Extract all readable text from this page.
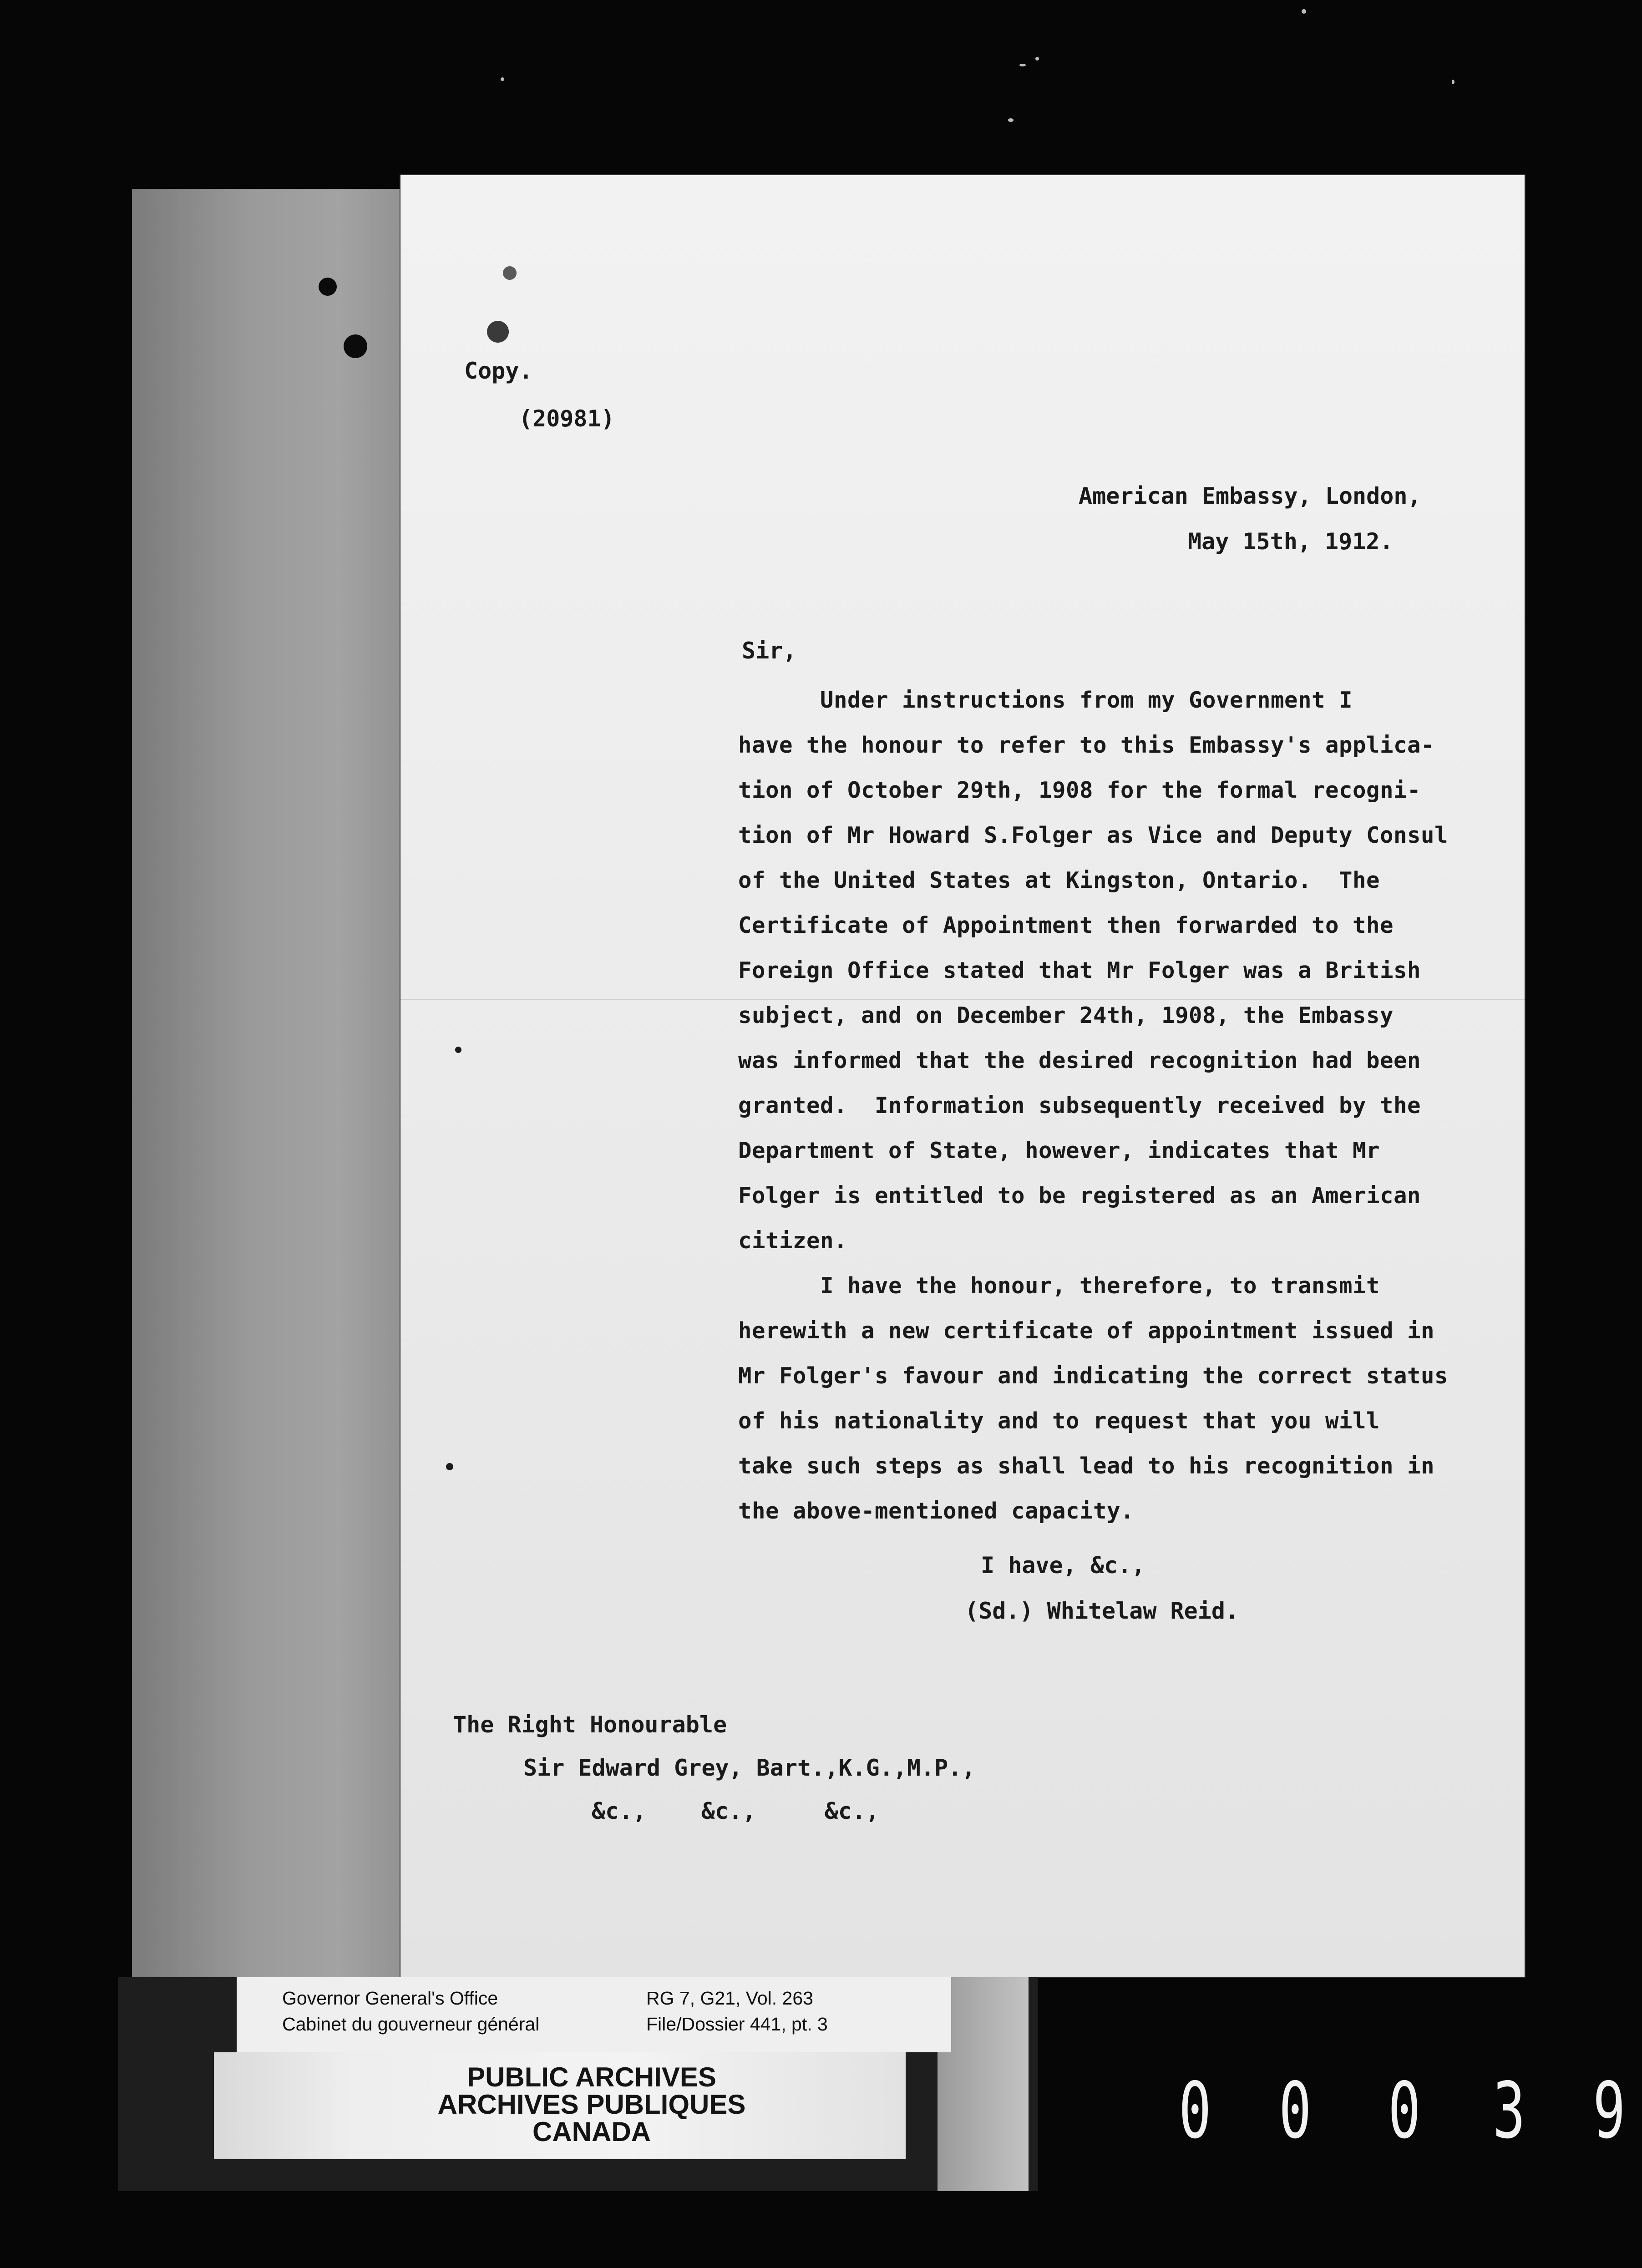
Copy.
(20981)
American Embassy, London,
May 15th, 1912.
Sir,
Under instructions from my Government I
have the honour to refer to this Embassy's applica-
tion of October 29th, 1908 for the formal recogni-
tion of Mr Howard S.Folger as Vice and Deputy Consul
of the United States at Kingston, Ontario.  The
Certificate of Appointment then forwarded to the
Foreign Office stated that Mr Folger was a British
subject, and on December 24th, 1908, the Embassy
was informed that the desired recognition had been
granted.  Information subsequently received by the
Department of State, however, indicates that Mr
Folger is entitled to be registered as an American
citizen.
I have the honour, therefore, to transmit
herewith a new certificate of appointment issued in
Mr Folger's favour and indicating the correct status
of his nationality and to request that you will
take such steps as shall lead to his recognition in
the above-mentioned capacity.
I have, &c.,
(Sd.) Whitelaw Reid.
The Right Honourable
Sir Edward Grey, Bart.,K.G.,M.P.,
&c.,    &c.,     &c.,
Governor General's Office
Cabinet du gouverneur général
RG 7, G21, Vol. 263
File/Dossier 441, pt. 3
PUBLIC ARCHIVES
ARCHIVES PUBLIQUES
CANADA	0 0 0 3 9
